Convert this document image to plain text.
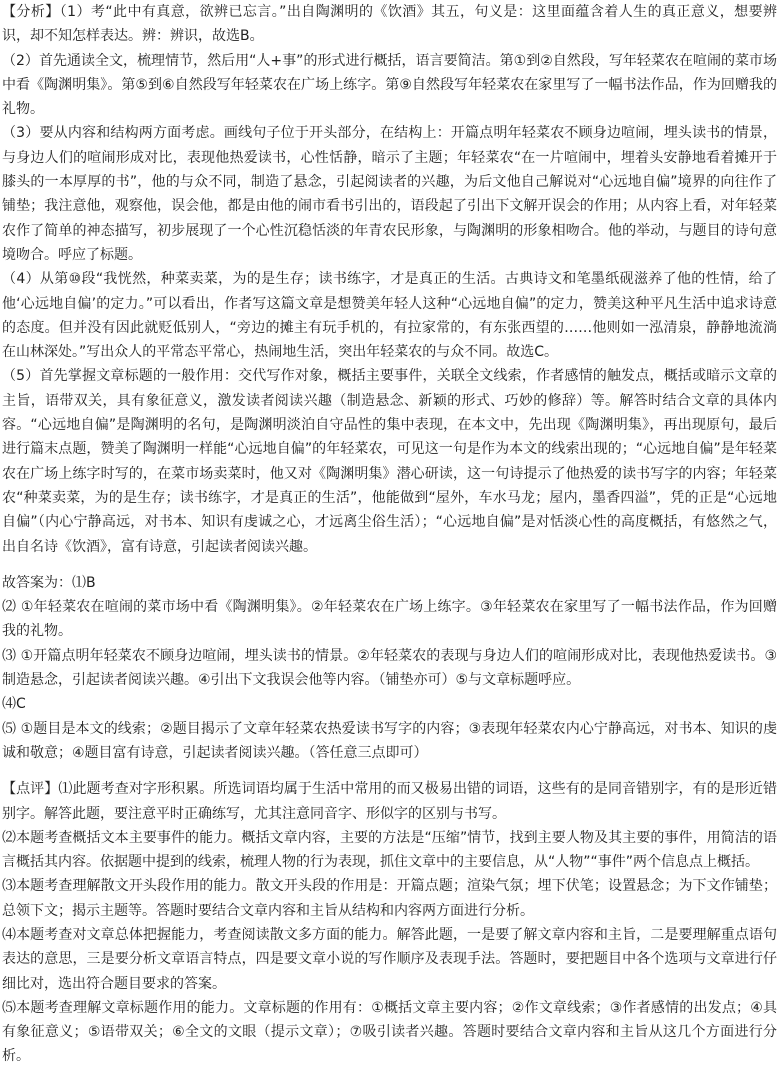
【分析】（1）考“此中有真意，欲辨已忘言。”出自陶渊明的《饮酒》其五，句义是：这里面蕴含着人生的真正意义，想要辨识，却不知怎样表达。辨：辨识，故选B。

（2）首先通读全文，梳理情节，然后用“人+事”的形式进行概括，语言要简洁。第①到②自然段，写年轻菜农在喧闹的菜市场中看《陶渊明集》。第⑤到⑥自然段写年轻菜农在广场上练字。第⑨自然段写年轻菜农在家里写了一幅书法作品，作为回赠我的礼物。

（3）要从内容和结构两方面考虑。画线句子位于开头部分，在结构上：开篇点明年轻菜农不顾身边喧闹，埋头读书的情景，与身边人们的喧闹形成对比，表现他热爱读书，心性恬静，暗示了主题；年轻菜农“在一片喧闹中，埋着头安静地看着摊开于膝头的一本厚厚的书”，他的与众不同，制造了悬念，引起阅读者的兴趣，为后文他自己解说对“心远地自偏”境界的向往作了铺垫；我注意他，观察他，误会他，都是由他的闹市看书引出的，语段起了引出下文解开误会的作用；从内容上看，对年轻菜农作了简单的神态描写，初步展现了一个心性沉稳恬淡的年青农民形象，与陶渊明的形象相吻合。他的举动，与题目的诗句意境吻合。呼应了标题。

（4）从第⑩段“我恍然，种菜卖菜，为的是生存；读书练字，才是真正的生活。古典诗文和笔墨纸砚滋养了他的性情，给了他‘心远地自偏’的定力。”可以看出，作者写这篇文章是想赞美年轻人这种“心远地自偏”的定力，赞美这种平凡生活中追求诗意的态度。但并没有因此就贬低别人，“旁边的摊主有玩手机的，有拉家常的，有东张西望的……他则如一泓清泉，静静地流淌在山林深处。”写出众人的平常态平常心，热闹地生活，突出年轻菜农的与众不同。故选C。

（5）首先掌握文章标题的一般作用：交代写作对象，概括主要事件，关联全文线索，作者感情的触发点，概括或暗示文章的主旨，语带双关，具有象征意义，激发读者阅读兴趣（制造悬念、新颖的形式、巧妙的修辞）等。解答时结合文章的具体内容。“心远地自偏”是陶渊明的名句，是陶渊明淡泊自守品性的集中表现，在本文中，先出现《陶渊明集》，再出现原句，最后进行篇末点题，赞美了陶渊明一样能“心远地自偏”的年轻菜农，可见这一句是作为本文的线索出现的；“心远地自偏”是年轻菜农在广场上练字时写的，在菜市场卖菜时，他又对《陶渊明集》潜心研读，这一句诗提示了他热爱的读书写字的内容；年轻菜农“种菜卖菜，为的是生存；读书练字，才是真正的生活”，他能做到“屋外，车水马龙；屋内，墨香四溢”，凭的正是“心远地自偏”（内心宁静高远，对书本、知识有虔诚之心，才远离尘俗生活）；“心远地自偏”是对恬淡心性的高度概括，有悠然之气，出自名诗《饮酒》，富有诗意，引起读者阅读兴趣。

故答案为：⑴B

⑵ ①年轻菜农在喧闹的菜市场中看《陶渊明集》。②年轻菜农在广场上练字。③年轻菜农在家里写了一幅书法作品，作为回赠我的礼物。

⑶ ①开篇点明年轻菜农不顾身边喧闹，埋头读书的情景。②年轻菜农的表现与身边人们的喧闹形成对比，表现他热爱读书。③制造悬念，引起读者阅读兴趣。④引出下文我误会他等内容。（铺垫亦可）⑤与文章标题呼应。

⑷C

⑸ ①题目是本文的线索；②题目揭示了文章年轻菜农热爱读书写字的内容；③表现年轻菜农内心宁静高远，对书本、知识的虔诚和敬意；④题目富有诗意，引起读者阅读兴趣。（答任意三点即可）

【点评】⑴此题考查对字形积累。所选词语均属于生活中常用的而又极易出错的词语，这些有的是同音错别字，有的是形近错别字。解答此题，要注意平时正确练写，尤其注意同音字、形似字的区别与书写。

⑵本题考查概括文本主要事件的能力。概括文章内容，主要的方法是“压缩”情节，找到主要人物及其主要的事件，用简洁的语言概括其内容。依据题中提到的线索，梳理人物的行为表现，抓住文章中的主要信息，从“人物”“事件”两个信息点上概括。

⑶本题考查理解散文开头段作用的能力。散文开头段的作用是：开篇点题；渲染气氛；埋下伏笔；设置悬念；为下文作铺垫；总领下文；揭示主题等。答题时要结合文章内容和主旨从结构和内容两方面进行分析。

⑷本题考查对文章总体把握能力，考查阅读散文多方面的能力。解答此题，一是要了解文章内容和主旨，二是要理解重点语句表达的意思，三是要分析文章语言特点，四是要文章小说的写作顺序及表现手法。答题时，要把题目中各个选项与文章进行仔细比对，选出符合题目要求的答案。

⑸本题考查理解文章标题作用的能力。文章标题的作用有：①概括文章主要内容；②作文章线索；③作者感情的出发点；④具有象征意义；⑤语带双关；⑥全文的文眼（提示文章）；⑦吸引读者兴趣。答题时要结合文章内容和主旨从这几个方面进行分析。
